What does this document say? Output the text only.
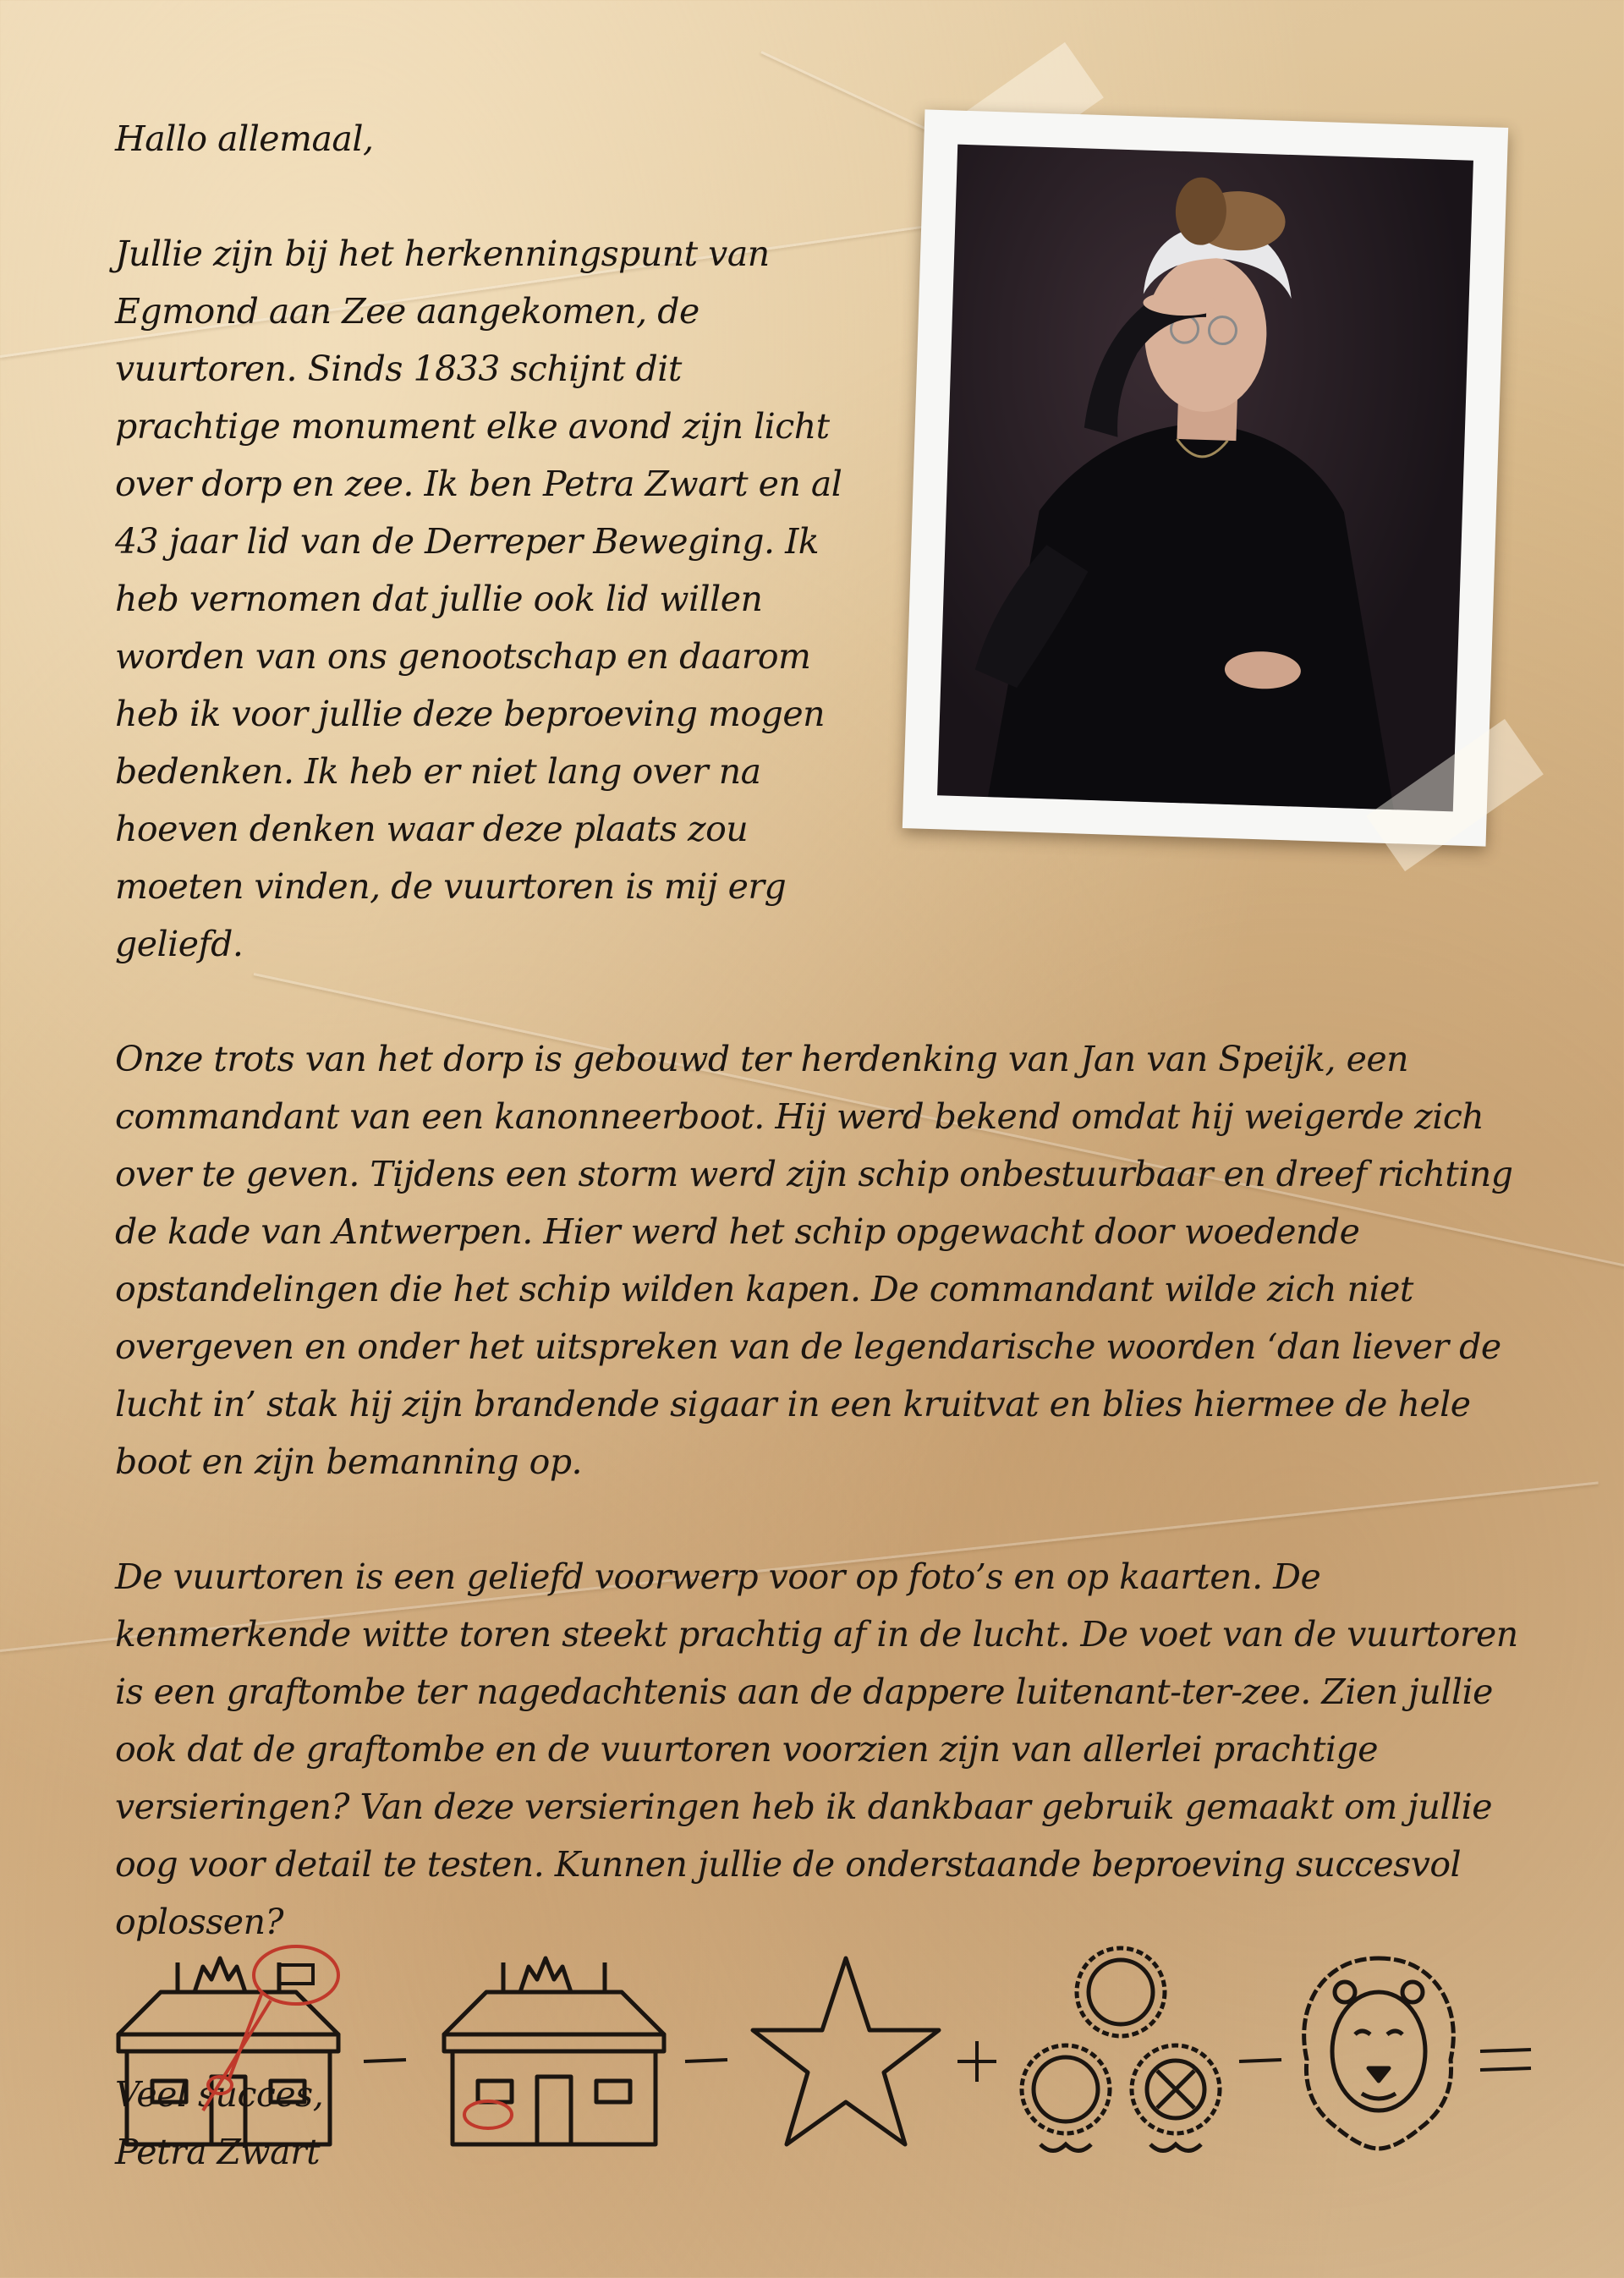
Hallo allemaal,

Jullie zijn bij het herkenningspunt van Egmond aan Zee aangekomen, de vuurtoren. Sinds 1833 schijnt dit prachtige monument elke avond zijn licht over dorp en zee. Ik ben Petra Zwart en al 43 jaar lid van de Derreper Beweging. Ik heb vernomen dat jullie ook lid willen worden van ons genootschap en daarom heb ik voor jullie deze beproeving mogen bedenken. Ik heb er niet lang over na hoeven denken waar deze plaats zou moeten vinden, de vuurtoren is mij erg geliefd.

Onze trots van het dorp is gebouwd ter herdenking van Jan van Speijk, een commandant van een kanonneerboot. Hij werd bekend omdat hij weigerde zich over te geven. Tijdens een storm werd zijn schip onbestuurbaar en dreef richting de kade van Antwerpen. Hier werd het schip opgewacht door woedende opstandelingen die het schip wilden kapen. De commandant wilde zich niet overgeven en onder het uitspreken van de legendarische woorden ‘dan liever de lucht in’ stak hij zijn brandende sigaar in een kruitvat en blies hiermee de hele boot en zijn bemanning op.

De vuurtoren is een geliefd voorwerp voor op foto’s en op kaarten. De kenmerkende witte toren steekt prachtig af in de lucht. De voet van de vuurtoren is een graftombe ter nagedachtenis aan de dappere luitenant-ter-zee. Zien jullie ook dat de graftombe en de vuurtoren voorzien zijn van allerlei prachtige versieringen? Van deze versieringen heb ik dankbaar gebruik gemaakt om jullie oog voor detail te testen. Kunnen jullie de onderstaande beproeving succesvol oplossen?

Veel succes,

Petra Zwart
